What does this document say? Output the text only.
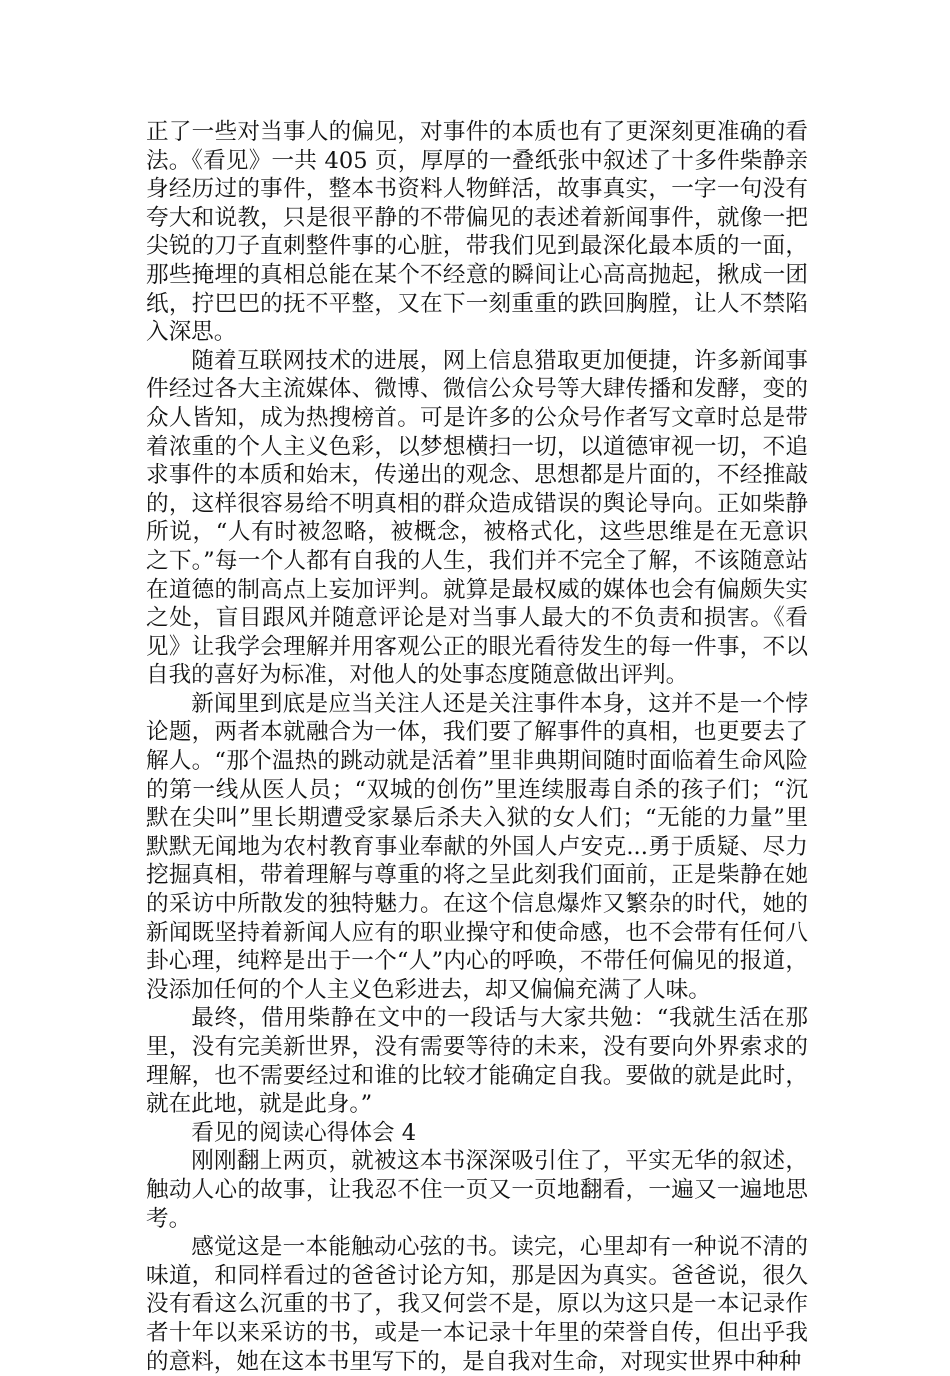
正了一些对当事人的偏见，对事件的本质也有了更深刻更准确的看法。《看见》一共 405 页，厚厚的一叠纸张中叙述了十多件柴静亲身经历过的事件，整本书资料人物鲜活，故事真实，一字一句没有夸大和说教，只是很平静的不带偏见的表述着新闻事件，就像一把尖锐的刀子直刺整件事的心脏，带我们见到最深化最本质的一面，那些掩埋的真相总能在某个不经意的瞬间让心高高抛起，揪成一团纸，拧巴巴的抚不平整，又在下一刻重重的跌回胸膛，让人不禁陷入深思。

随着互联网技术的进展，网上信息猎取更加便捷，许多新闻事件经过各大主流媒体、微博、微信公众号等大肆传播和发酵，变的众人皆知，成为热搜榜首。可是许多的公众号作者写文章时总是带着浓重的个人主义色彩，以梦想横扫一切，以道德审视一切，不追求事件的本质和始末，传递出的观念、思想都是片面的，不经推敲的，这样很容易给不明真相的群众造成错误的舆论导向。正如柴静所说，“人有时被忽略，被概念，被格式化，这些思维是在无意识之下。”每一个人都有自我的人生，我们并不完全了解，不该随意站在道德的制高点上妄加评判。就算是最权威的媒体也会有偏颇失实之处，盲目跟风并随意评论是对当事人最大的不负责和损害。《看见》让我学会理解并用客观公正的眼光看待发生的每一件事，不以自我的喜好为标准，对他人的处事态度随意做出评判。

新闻里到底是应当关注人还是关注事件本身，这并不是一个悖论题，两者本就融合为一体，我们要了解事件的真相，也更要去了解人。“那个温热的跳动就是活着”里非典期间随时面临着生命风险的第一线从医人员；“双城的创伤”里连续服毒自杀的孩子们；“沉默在尖叫”里长期遭受家暴后杀夫入狱的女人们；“无能的力量”里默默无闻地为农村教育事业奉献的外国人卢安克...勇于质疑、尽力挖掘真相，带着理解与尊重的将之呈此刻我们面前，正是柴静在她的采访中所散发的独特魅力。在这个信息爆炸又繁杂的时代，她的新闻既坚持着新闻人应有的职业操守和使命感，也不会带有任何八卦心理，纯粹是出于一个“人”内心的呼唤，不带任何偏见的报道，没添加任何的个人主义色彩进去，却又偏偏充满了人味。

最终，借用柴静在文中的一段话与大家共勉：“我就生活在那里，没有完美新世界，没有需要等待的未来，没有要向外界索求的理解，也不需要经过和谁的比较才能确定自我。要做的就是此时，就在此地，就是此身。”

看见的阅读心得体会 4

刚刚翻上两页，就被这本书深深吸引住了，平实无华的叙述，触动人心的故事，让我忍不住一页又一页地翻看，一遍又一遍地思考。

感觉这是一本能触动心弦的书。读完，心里却有一种说不清的味道，和同样看过的爸爸讨论方知，那是因为真实。爸爸说，很久没有看这么沉重的书了，我又何尝不是，原以为这只是一本记录作者十年以来采访的书，或是一本记录十年里的荣誉自传，但出乎我的意料，她在这本书里写下的，是自我对生命，对现实世界中种种
